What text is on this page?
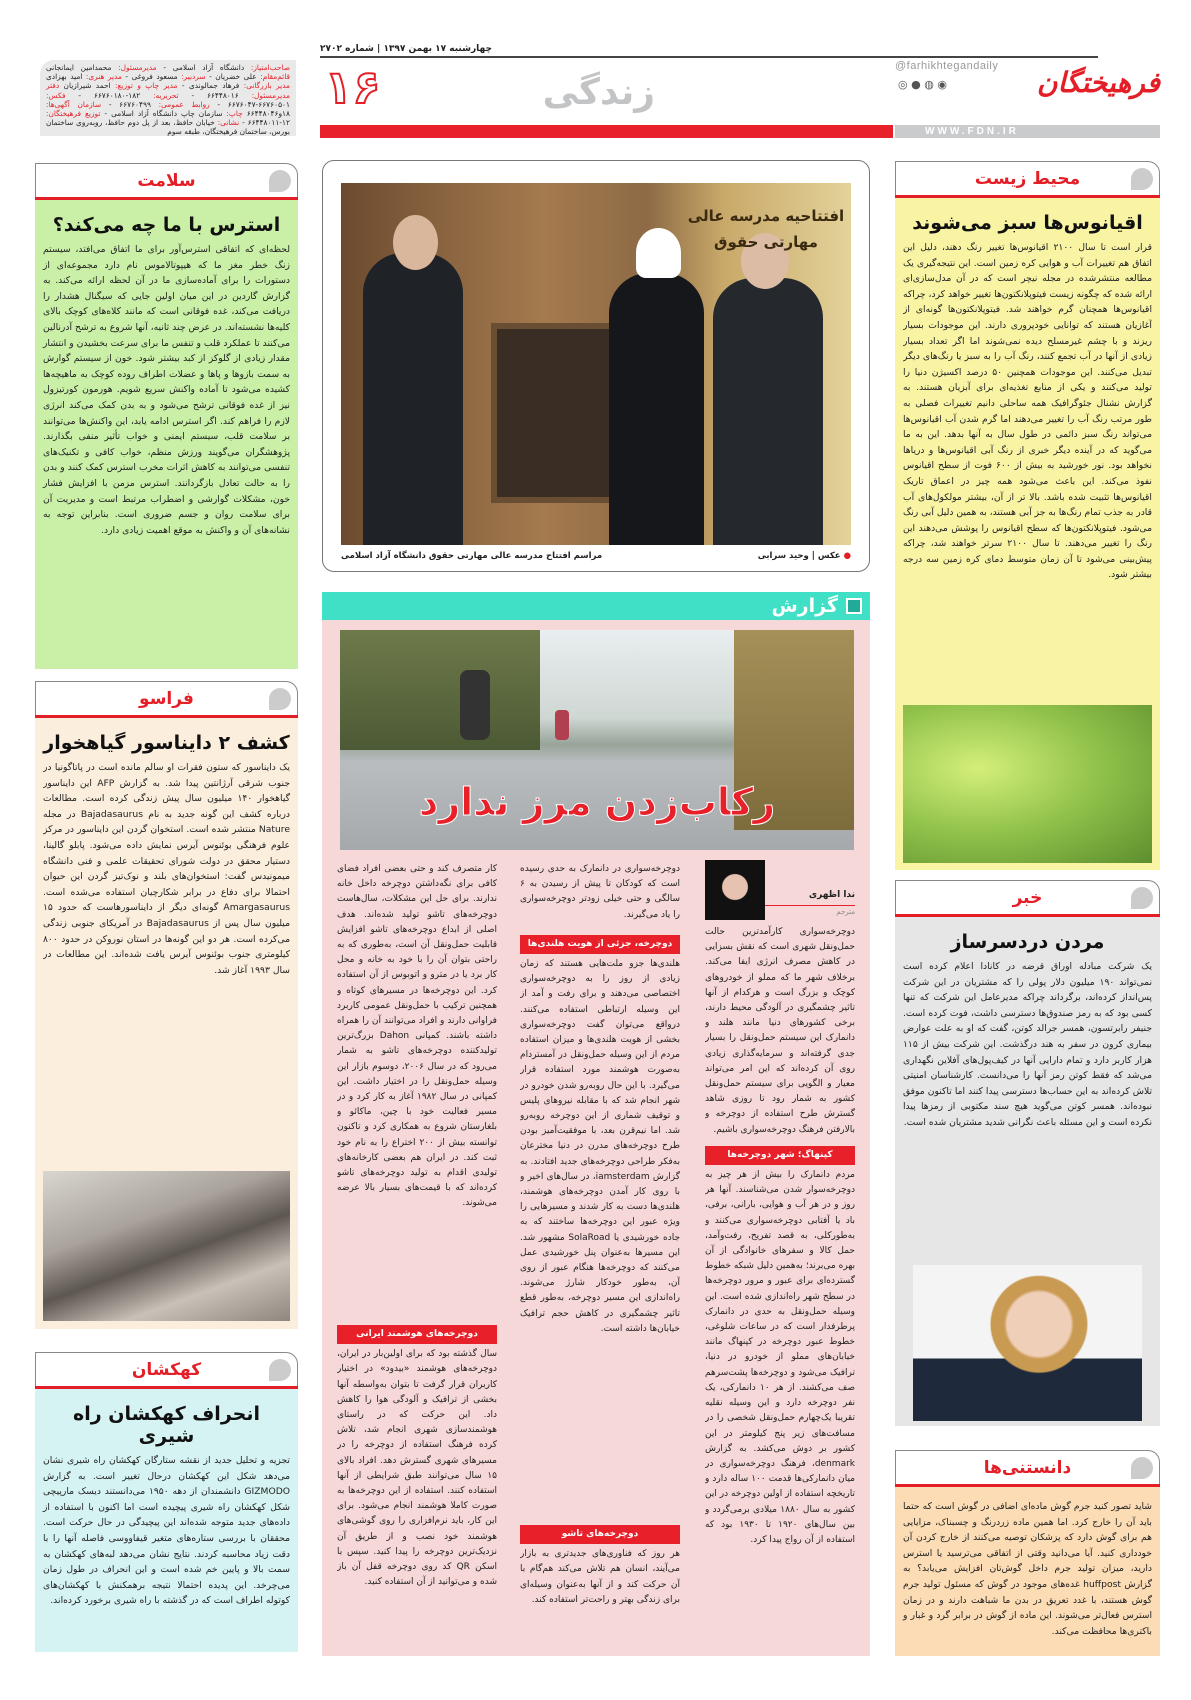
فرهیختگان
@farhikhtegandaily
◎ ● ◍ ◉
WWW.FDN.IR
چهارشنبه ۱۷ بهمن ۱۳۹۷ | شماره ۲۷۰۲
زندگی
۱۶
صاحب‌امتیاز: دانشگاه آزاد اسلامی - مدیرمسئول: محمدامین ایمانجانی قائم‌مقام: علی خضریان - سردبیر: مسعود فروغی - مدیر هنری: امید بهزادی مدیر بازرگانی: فرهاد جمالوندی - مدیر چاپ و توزیع: احمد شیرازیان دفتر مدیرمسئول: ۶۶۴۴۸۰۱۶ - تحریریه: ۱۸۲-۶۶۷۶۰۱۸۰ - فکس: ۶۶۷۶۰۵۰۱-۶۶۷۶۰۴۷ - روابط عمومی: ۶۶۷۶۰۴۹۹ - سازمان آگهی‌ها: ۱۸و۶۶۴۴۸۰۴۶ چاپ: سازمان چاپ دانشگاه آزاد اسلامی - توزیع فرهیختگان: ۱۲-۶۶۴۴۸۰۱۱ - نشانی: خیابان حافظ، بعد از پل دوم حافظ، روبه‌روی ساختمان بورس، ساختمان فرهیختگان، طبقه سوم
سلامت
استرس با ما چه می‌کند؟

لحظه‌ای که اتفاقی استرس‌آور برای ما اتفاق می‌افتد، سیستم زنگ خطر مغز ما که هیپوتالاموس نام دارد مجموعه‌ای از دستورات را برای آماده‌سازی ما در آن لحظه ارائه می‌کند. به گزارش گاردین در این میان اولین جایی که سیگنال هشدار را دریافت می‌کند، غده فوقانی است که مانند کلاه‌های کوچک بالای کلیه‌ها نشسته‌اند. در عرض چند ثانیه، آنها شروع به ترشح آدرنالین می‌کنند تا عملکرد قلب و تنفس ما برای سرعت بخشیدن و انتشار مقدار زیادی از گلوکز از کبد بیشتر شود. خون از سیستم گوارش به سمت بازوها و پاها و عضلات اطراف روده کوچک به ماهیچه‌ها کشیده می‌شود تا آماده واکنش سریع شویم. هورمون کورتیزول نیز از غده فوقانی ترشح می‌شود و به بدن کمک می‌کند انرژی لازم را فراهم کند. اگر استرس ادامه یابد، این واکنش‌ها می‌توانند بر سلامت قلب، سیستم ایمنی و خواب تأثیر منفی بگذارند. پژوهشگران می‌گویند ورزش منظم، خواب کافی و تکنیک‌های تنفسی می‌توانند به کاهش اثرات مخرب استرس کمک کنند و بدن را به حالت تعادل بازگردانند. استرس مزمن با افزایش فشار خون، مشکلات گوارشی و اضطراب مرتبط است و مدیریت آن برای سلامت روان و جسم ضروری است. بنابراین توجه به نشانه‌های آن و واکنش به موقع اهمیت زیادی دارد.

فراسو
کشف ۲ دایناسور گیاهخوار

یک دایناسور که ستون فقرات او سالم مانده است در پاتاگونیا در جنوب شرقی آرژانتین پیدا شد. به گزارش AFP این دایناسور گیاهخوار ۱۴۰ میلیون سال پیش زندگی کرده است. مطالعات درباره کشف این گونه جدید به نام Bajadasaurus در مجله Nature منتشر شده است. استخوان گردن این دایناسور در مرکز علوم فرهنگی بوئنوس آیرس نمایش داده می‌شود. پابلو گالینا، دستیار محقق در دولت شوراى تحقیقات علمی و فنی دانشگاه میمونیدس گفت: استخوان‌های بلند و نوک‌تیز گردن این حیوان احتمالا برای دفاع در برابر شکارچیان استفاده می‌شده است. Amargasaurus گونه‌ای دیگر از دایناسورهاست که حدود ۱۵ میلیون سال پس از Bajadasaurus در آمریکای جنوبی زندگی می‌کرده است. هر دو این گونه‌ها در استان نوروکن در حدود ۸۰۰ کیلومتری جنوب بوئنوس آیرس یافت شده‌اند. این مطالعات در سال ۱۹۹۳ آغاز شد.

کهکشان
انحراف کهکشان راه شیری

تجزیه و تحلیل جدید از نقشه ستارگان کهکشان راه شیری نشان می‌دهد شکل این کهکشان درحال تغییر است. به گزارش GIZMODO دانشمندان از دهه ۱۹۵۰ می‌دانستند دیسک مارپیچی شکل کهکشان راه شیری پیچیده است اما اکنون با استفاده از داده‌های جدید متوجه شده‌اند این پیچیدگی در حال حرکت است. محققان با بررسی ستاره‌های متغیر قیفاووسی فاصله آنها را با دقت زیاد محاسبه کردند. نتایج نشان می‌دهد لبه‌های کهکشان به سمت بالا و پایین خم شده است و این انحراف در طول زمان می‌چرخد. این پدیده احتمالا نتیجه برهمکنش با کهکشان‌های کوتوله اطراف است که در گذشته با راه شیری برخورد کرده‌اند.

افتتاحیه مدرسه عالی مهارتی حقوق
● عکس | وحید سرابی
مراسم افتتاح مدرسه عالی مهارتی حقوق دانشگاه آزاد اسلامی
گزارش
رکاب‌زدن مرز ندارد
ندا اظهری
مترجم

دوچرخه‌سواری کارآمدترین حالت حمل‌ونقل شهری است که نقش بسزایی در کاهش مصرف انرژی ایفا می‌کند. برخلاف شهر ما که مملو از خودروهای کوچک و بزرگ است و هرکدام از آنها تاثیر چشمگیری در آلودگی محیط دارند، برخی کشورهای دنیا مانند هلند و دانمارک این سیستم حمل‌ونقل را بسیار جدی گرفته‌اند و سرمایه‌گذاری زیادی روی آن کرده‌اند که این امر می‌تواند معیار و الگویی برای سیستم حمل‌ونقل کشور به شمار رود تا روزی شاهد گسترش طرح استفاده از دوچرخه و بالارفتن فرهنگ دوچرخه‌سواری باشیم.

کپنهاگ؛ شهر دوچرخه‌ها

مردم دانمارک را بیش از هر چیز به دوچرخه‌سوار شدن می‌شناسند. آنها هر روز و در هر آب و هوایی، بارانی، برفی، باد یا آفتابی دوچرخه‌سواری می‌کنند و به‌طورکلی، به قصد تفریح، رفت‌وآمد، حمل کالا و سفرهای خانوادگی از آن بهره می‌برند؛ به‌همین دلیل شبکه خطوط گسترده‌ای برای عبور و مرور دوچرخه‌ها در سطح شهر راه‌اندازی شده است. این وسیله حمل‌ونقل به حدی در دانمارک پرطرفدار است که در ساعات شلوغی، خطوط عبور دوچرخه در کپنهاگ مانند خیابان‌های مملو از خودرو در دنیا، ترافیک می‌شود و دوچرخه‌ها پشت‌سرهم صف می‌کشند. از هر ۱۰ دانمارکی، یک نفر دوچرخه دارد و این وسیله نقلیه تقریبا یک‌چهارم حمل‌ونقل شخصی را در مسافت‌های زیر پنج کیلومتر در این کشور بر دوش می‌کشد. به گزارش denmark، فرهنگ دوچرخه‌سواری در میان دانمارکی‌ها قدمت ۱۰۰ ساله دارد و تاریخچه استفاده از اولین دوچرخه در این کشور به سال ۱۸۸۰ میلادی برمی‌گردد و بین سال‌های ۱۹۲۰ تا ۱۹۳۰ بود که استفاده از آن رواج پیدا کرد.

دوچرخه‌سواری در دانمارک به حدی رسیده است که کودکان تا پیش از رسیدن به ۶ سالگی و حتی خیلی زودتر دوچرخه‌سواری را یاد می‌گیرند.

دوچرخه، جزئی از هویت هلندی‌ها

هلندی‌ها جزو ملت‌هایی هستند که زمان زیادی از روز را به دوچرخه‌سواری اختصاصی می‌دهند و برای رفت و آمد از این وسیله ارتباطی استفاده می‌کنند. درواقع می‌توان گفت دوچرخه‌سواری بخشی از هویت هلندی‌ها و میزان استفاده مردم از این وسیله حمل‌ونقل در آمستردام به‌صورت هوشمند مورد استفاده قرار می‌گیرد. با این حال روبه‌رو شدن خودرو در شهر انجام شد که با مقابله نیروهای پلیس و توقیف شماری از این دوچرخه روبه‌رو شد. اما نیم‌قرن بعد، با موفقیت‌آمیز بودن طرح دوچرخه‌های مدرن در دنیا مخترعان به‌فکر طراحی دوچرخه‌های جدید افتادند. به گزارش iamsterdam، در سال‌های اخیر و با روی کار آمدن دوچرخه‌های هوشمند، هلندی‌ها دست به کار شدند و مسیرهایی را ویژه عبور این دوچرخه‌ها ساختند که به جاده خورشیدی یا SolaRoad مشهور شد. این مسیرها به‌عنوان پنل خورشیدی عمل می‌کنند که دوچرخه‌ها هنگام عبور از روی آن، به‌طور خودکار شارژ می‌شوند. راه‌اندازی این مسیر دوچرخه، به‌طور قطع تاثیر چشمگیری در کاهش حجم ترافیک خیابان‌ها داشته است.

دوچرخه‌های تاشو

هر روز که فناوری‌های جدیدتری به بازار می‌آیند، انسان هم تلاش می‌کند هم‌گام با آن حرکت کند و از آنها به‌عنوان وسیله‌ای برای زندگی بهتر و راحت‌تر استفاده کند.

کار متصرف کند و حتی بعضی افراد فضای کافی برای نگه‌داشتن دوچرخه داخل خانه ندارند. برای حل این مشکلات، سال‌هاست دوچرخه‌های تاشو تولید شده‌اند. هدف اصلی از ابداع دوچرخه‌های تاشو افزایش قابلیت حمل‌ونقل آن است، به‌طوری که به راحتی بتوان آن را با خود به خانه و محل کار برد یا در مترو و اتوبوس از آن استفاده کرد. این دوچرخه‌ها در مسیرهای کوتاه و همچنین ترکیب با حمل‌ونقل عمومی کاربرد فراوانی دارند و افراد می‌توانند آن را همراه داشته باشند. کمپانی Dahon بزرگ‌ترین تولیدکننده دوچرخه‌های تاشو به شمار می‌رود که در سال ۲۰۰۶، دوسوم بازار این وسیله حمل‌ونقل را در اختیار داشت. این کمپانی در سال ۱۹۸۲ آغاز به کار کرد و در مسیر فعالیت خود با چین، ماکائو و بلغارستان شروع به همکاری کرد و تاکنون توانسته بیش از ۲۰۰ اختراع را به نام خود ثبت کند. در ایران هم بعضی کارخانه‌های تولیدی اقدام به تولید دوچرخه‌های تاشو کرده‌اند که با قیمت‌های بسیار بالا عرضه می‌شوند.

دوچرخه‌های هوشمند ایرانی

سال گذشته بود که برای اولین‌بار در ایران، دوچرخه‌های هوشمند «بیدود» در اختیار کاربران قرار گرفت تا بتوان به‌واسطه آنها بخشی از ترافیک و آلودگی هوا را کاهش داد. این حرکت که در راستای هوشمندسازی شهری انجام شد، تلاش کرده فرهنگ استفاده از دوچرخه را در مسیرهای شهری گسترش دهد. افراد بالای ۱۵ سال می‌توانند طبق شرایطی از آنها استفاده کنند. استفاده از این دوچرخه‌ها به صورت کاملا هوشمند انجام می‌شود. برای این کار، باید نرم‌افزاری را روی گوشی‌های هوشمند خود نصب و از طریق آن نزدیک‌ترین دوچرخه را پیدا کنید. سپس با اسکن QR کد روی دوچرخه قفل آن باز شده و می‌توانید از آن استفاده کنید.

محیط زیست
اقیانوس‌ها سبز می‌شوند

قرار است تا سال ۲۱۰۰ اقیانوس‌ها تغییر رنگ دهند، دلیل این اتفاق هم تغییرات آب و هوایی کره زمین است. این نتیجه‌گیری یک مطالعه منتشرشده در مجله نیچر است که در آن مدل‌سازی‌ای ارائه شده که چگونه زیست فیتوپلانکتون‌ها تغییر خواهد کرد، چراکه اقیانوس‌ها همچنان گرم خواهند شد. فیتوپلانکتون‌ها گونه‌ای از آغازیان هستند که توانایی خودپروری دارند. این موجودات بسیار ریزند و با چشم غیرمسلح دیده نمی‌شوند اما اگر تعداد بسیار زیادی از آنها در آب تجمع کنند، رنگ آب را به سبز یا رنگ‌های دیگر تبدیل می‌کنند. این موجودات همچنین ۵۰ درصد اکسیژن دنیا را تولید می‌کنند و یکی از منابع تغذیه‌ای برای آبزیان هستند. به گزارش نشنال جئوگرافیک همه ساحلی دانیم تغییرات فصلی به طور مرتب رنگ آب را تغییر می‌دهند اما گرم شدن آب اقیانوس‌ها می‌تواند رنگ سبز دائمی در طول سال به آنها بدهد. این به ما می‌گوید که در آینده دیگر خبری از رنگ آبی اقیانوس‌ها و دریاها نخواهد بود. نور خورشید به بیش از ۶۰۰ فوت از سطح اقیانوس نفوذ می‌کند. این باعث می‌شود همه چیز در اعماق تاریک اقیانوس‌ها تثبیت شده باشد. بالا تر از آن، بیشتر مولکول‌های آب قادر به جذب تمام رنگ‌ها به جز آبی هستند، به همین دلیل آبی رنگ می‌شود. فیتوپلانکتون‌ها که سطح اقیانوس را پوشش می‌دهند این رنگ را تغییر می‌دهند. تا سال ۲۱۰۰ سرتر خواهند شد، چراکه پیش‌بینی می‌شود تا آن زمان متوسط دمای کره زمین سه درجه بیشتر شود.

خبر
مردن دردسرساز

یک شرکت مبادله اوراق قرضه در کانادا اعلام کرده است نمی‌تواند ۱۹۰ میلیون دلار پولی را که مشتریان در این شرکت پس‌انداز کرده‌اند، برگرداند چراکه مدیرعامل این شرکت که تنها کسی بود که به رمز صندوق‌ها دسترسی داشت، فوت کرده است. جنیفر رابرتسون، همسر جرالد کوتن، گفت که او به علت عوارض بیماری کرون در سفر به هند درگذشت. این شرکت بیش از ۱۱۵ هزار کاربر دارد و تمام دارایی آنها در کیف‌پول‌های آفلاین نگهداری می‌شد که فقط کوتن رمز آنها را می‌دانست. کارشناسان امنیتی تلاش کرده‌اند به این حساب‌ها دسترسی پیدا کنند اما تاکنون موفق نبوده‌اند. همسر کوتن می‌گوید هیچ سند مکتوبی از رمزها پیدا نکرده است و این مسئله باعث نگرانی شدید مشتریان شده است.

دانستنی‌ها

شاید تصور کنید جرم گوش ماده‌ای اضافی در گوش است که حتما باید آن را خارج کرد. اما همین ماده زردرنگ و چسبناک، مزایایی هم برای گوش دارد که پزشکان توصیه می‌کنند از خارج کردن آن خودداری کنید. آیا می‌دانید وقتی از اتفاقی می‌ترسید یا استرس دارید، میزان تولید جرم داخل گوش‌تان افزایش می‌یابد؟ به گزارش huffpost غده‌های موجود در گوش که مسئول تولید جرم گوش هستند، با غدد تعریق در بدن ما شباهت دارند و در زمان استرس فعال‌تر می‌شوند. این ماده از گوش در برابر گرد و غبار و باکتری‌ها محافظت می‌کند.
